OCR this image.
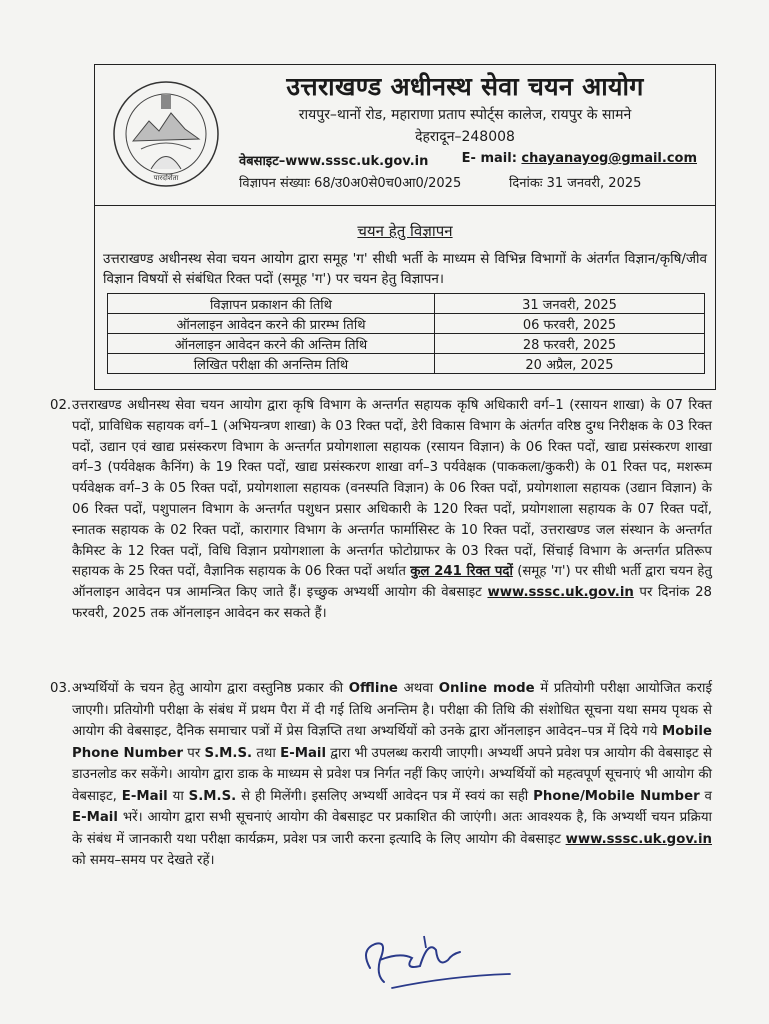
पारदर्शिता
उत्तराखण्ड अधीनस्थ सेवा चयन आयोग
रायपुर–थानों रोड, महाराणा प्रताप स्पोर्ट्स कालेज, रायपुर के सामने
देहरादून–248008
वेबसाइट–www.sssc.uk.gov.in	E- mail: chayanayog@gmail.com
विज्ञापन संख्याः 68/उ0अ0से0च0आ0/2025	दिनांकः 31 जनवरी, 2025
चयन हेतु विज्ञापन
उत्तराखण्ड अधीनस्थ सेवा चयन आयोग द्वारा समूह 'ग' सीधी भर्ती के माध्यम से विभिन्न विभागों के अंतर्गत विज्ञान/कृषि/जीव विज्ञान विषयों से संबंधित रिक्त पदों (समूह 'ग') पर चयन हेतु विज्ञापन।
विज्ञापन प्रकाशन की तिथि	31 जनवरी, 2025
ऑनलाइन आवेदन करने की प्रारम्भ तिथि	06 फरवरी, 2025
ऑनलाइन आवेदन करने की अन्तिम तिथि	28 फरवरी, 2025
लिखित परीक्षा की अनन्तिम तिथि	20 अप्रैल, 2025
02. उत्तराखण्ड अधीनस्थ सेवा चयन आयोग द्वारा कृषि विभाग के अन्तर्गत सहायक कृषि अधिकारी वर्ग–1 (रसायन शाखा) के 07 रिक्त पदों, प्राविधिक सहायक वर्ग–1 (अभियन्त्रण शाखा) के 03 रिक्त पदों, डेरी विकास विभाग के अंतर्गत वरिष्ठ दुग्ध निरीक्षक के 03 रिक्त पदों, उद्यान एवं खाद्य प्रसंस्करण विभाग के अन्तर्गत प्रयोगशाला सहायक (रसायन विज्ञान) के 06 रिक्त पदों, खाद्य प्रसंस्करण शाखा वर्ग–3 (पर्यवेक्षक कैनिंग) के 19 रिक्त पदों, खाद्य प्रसंस्करण शाखा वर्ग–3 पर्यवेक्षक (पाककला/कुकरी) के 01 रिक्त पद, मशरूम पर्यवेक्षक वर्ग–3 के 05 रिक्त पदों, प्रयोगशाला सहायक (वनस्पति विज्ञान) के 06 रिक्त पदों, प्रयोगशाला सहायक (उद्यान विज्ञान) के 06 रिक्त पदों, पशुपालन विभाग के अन्तर्गत पशुधन प्रसार अधिकारी के 120 रिक्त पदों, प्रयोगशाला सहायक के 07 रिक्त पदों, स्नातक सहायक के 02 रिक्त पदों, कारागार विभाग के अन्तर्गत फार्मासिस्ट के 10 रिक्त पदों, उत्तराखण्ड जल संस्थान के अन्तर्गत कैमिस्ट के 12 रिक्त पदों, विधि विज्ञान प्रयोगशाला के अन्तर्गत फोटोग्राफर के 03 रिक्त पदों, सिंचाई विभाग के अन्तर्गत प्रतिरूप सहायक के 25 रिक्त पदों, वैज्ञानिक सहायक के 06 रिक्त पदों अर्थात कुल 241 रिक्त पदों (समूह 'ग') पर सीधी भर्ती द्वारा चयन हेतु ऑनलाइन आवेदन पत्र आमन्त्रित किए जाते हैं। इच्छुक अभ्यर्थी आयोग की वेबसाइट www.sssc.uk.gov.in पर दिनांक 28 फरवरी, 2025 तक ऑनलाइन आवेदन कर सकते हैं।
03. अभ्यर्थियों के चयन हेतु आयोग द्वारा वस्तुनिष्ठ प्रकार की Offline अथवा Online mode में प्रतियोगी परीक्षा आयोजित कराई जाएगी। प्रतियोगी परीक्षा के संबंध में प्रथम पैरा में दी गई तिथि अनन्तिम है। परीक्षा की तिथि की संशोधित सूचना यथा समय पृथक से आयोग की वेबसाइट, दैनिक समाचार पत्रों में प्रेस विज्ञप्ति तथा अभ्यर्थियों को उनके द्वारा ऑनलाइन आवेदन–पत्र में दिये गये Mobile Phone Number पर S.M.S. तथा E-Mail द्वारा भी उपलब्ध करायी जाएगी। अभ्यर्थी अपने प्रवेश पत्र आयोग की वेबसाइट से डाउनलोड कर सकेंगे। आयोग द्वारा डाक के माध्यम से प्रवेश पत्र निर्गत नहीं किए जाएंगे। अभ्यर्थियों को महत्वपूर्ण सूचनाएं भी आयोग की वेबसाइट, E-Mail या S.M.S. से ही मिलेंगी। इसलिए अभ्यर्थी आवेदन पत्र में स्वयं का सही Phone/Mobile Number व E-Mail भरें। आयोग द्वारा सभी सूचनाएं आयोग की वेबसाइट पर प्रकाशित की जाएंगी। अतः आवश्यक है, कि अभ्यर्थी चयन प्रक्रिया के संबंध में जानकारी यथा परीक्षा कार्यक्रम, प्रवेश पत्र जारी करना इत्यादि के लिए आयोग की वेबसाइट www.sssc.uk.gov.in को समय–समय पर देखते रहें।
